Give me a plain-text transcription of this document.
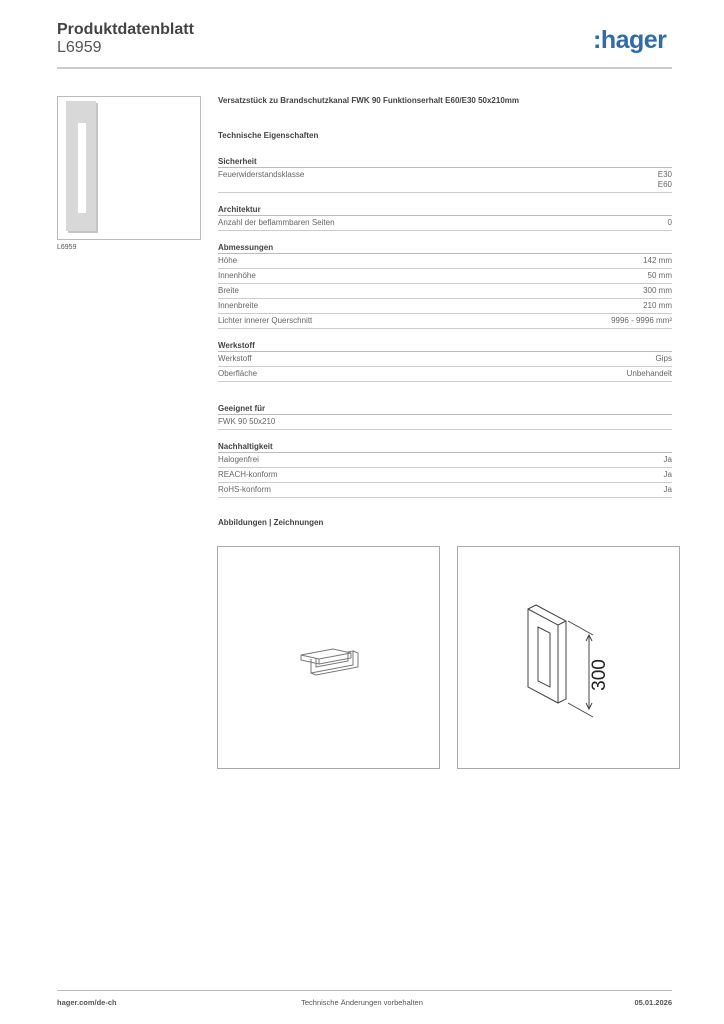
Produktdatenblatt
L6959	:hager
L6959
Versatzstück zu Brandschutzkanal FWK 90 Funktionserhalt E60/E30 50x210mm
Technische Eigenschaften
Sicherheit
Feuerwiderstandsklasse	E30
E60
Architektur
Anzahl der beflammbaren Seiten	0
Abmessungen
Höhe	142 mm
Innenhöhe	50 mm
Breite	300 mm
Innenbreite	210 mm
Lichter innerer Querschnitt	9996 - 9996 mm²
Werkstoff
Werkstoff	Gips
Oberfläche	Unbehandelt
Geeignet für
FWK 90 50x210
Nachhaltigkeit
Halogenfrei	Ja
REACH-konform	Ja
RoHS-konform	Ja
Abbildungen | Zeichnungen
300
hager.com/de-ch	Technische Änderungen vorbehalten	05.01.2026
